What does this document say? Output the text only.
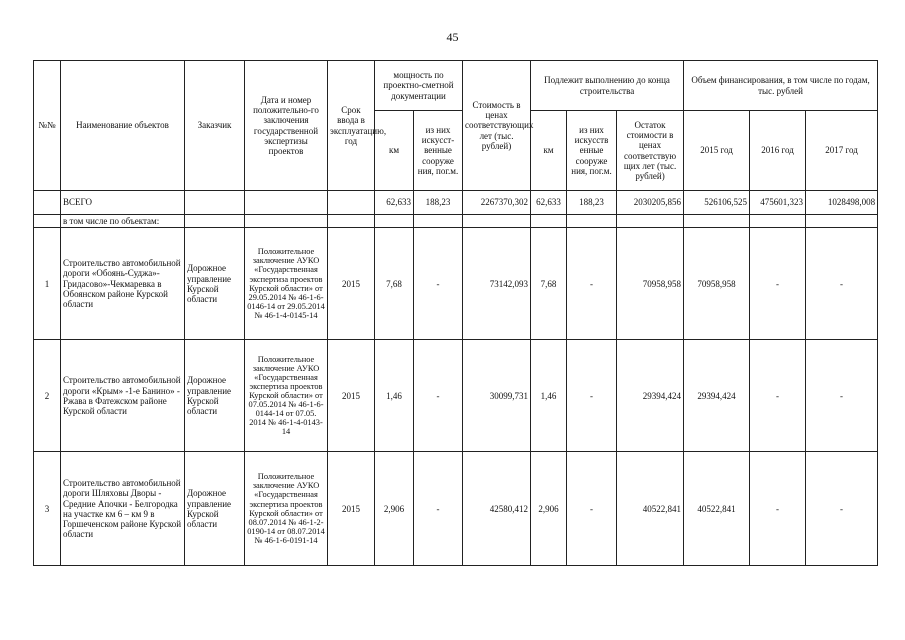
45
№№	Наименование объектов	Заказчик	Дата и номер положительно-го заключения государственной экспертизы проектов	Срок ввода в эксплуатацию, год	мощность по проектно-сметной документации		Стоимость в ценах соответствующих лет (тыс. рублей)	Подлежит выполнению до конца строительства			Объем финансирования, в том числе по годам, тыс. рублей		
					км	из них искусст-венные сооруже ния, пог.м.		км	из них искусств енные сооруже ния, пог.м.	Остаток стоимости в ценах соответствую щих лет (тыс. рублей)	2015 год	2016 год	2017 год
	ВСЕГО				62,633	188,23	2267370,302	62,633	188,23	2030205,856	526106,525	475601,323	1028498,008
	в том числе по объектам:												
1	Строительство автомобильной дороги «Обоянь-Суджа»-Гридасово»-Чекмаревка в Обоянском районе Курской области	Дорожное управление Курской области	Положительное заключение АУКО «Государственная экспертиза проектов Курской области» от 29.05.2014 № 46-1-6-0146-14 от 29.05.2014 № 46-1-4-0145-14	2015	7,68	-	73142,093	7,68	-	70958,958	70958,958	-	-
2	Строительство автомобильной дороги «Крым» -1-е Банино» - Ржава в Фатежском районе Курской области	Дорожное управление Курской области	Положительное заключение АУКО «Государственная экспертиза проектов Курской области» от 07.05.2014 № 46-1-6-0144-14 от 07.05. 2014 № 46-1-4-0143-14	2015	1,46	-	30099,731	1,46	-	29394,424	29394,424	-	-
3	Строительство автомобильной дороги Шляховы Дворы - Средние Апочки - Белгородка на участке км 6 – км 9 в Горшеченском районе Курской области	Дорожное управление Курской области	Положительное заключение АУКО «Государственная экспертиза проектов Курской области» от 08.07.2014 № 46-1-2-0190-14 от 08.07.2014 № 46-1-6-0191-14	2015	2,906	-	42580,412	2,906	-	40522,841	40522,841	-	-
